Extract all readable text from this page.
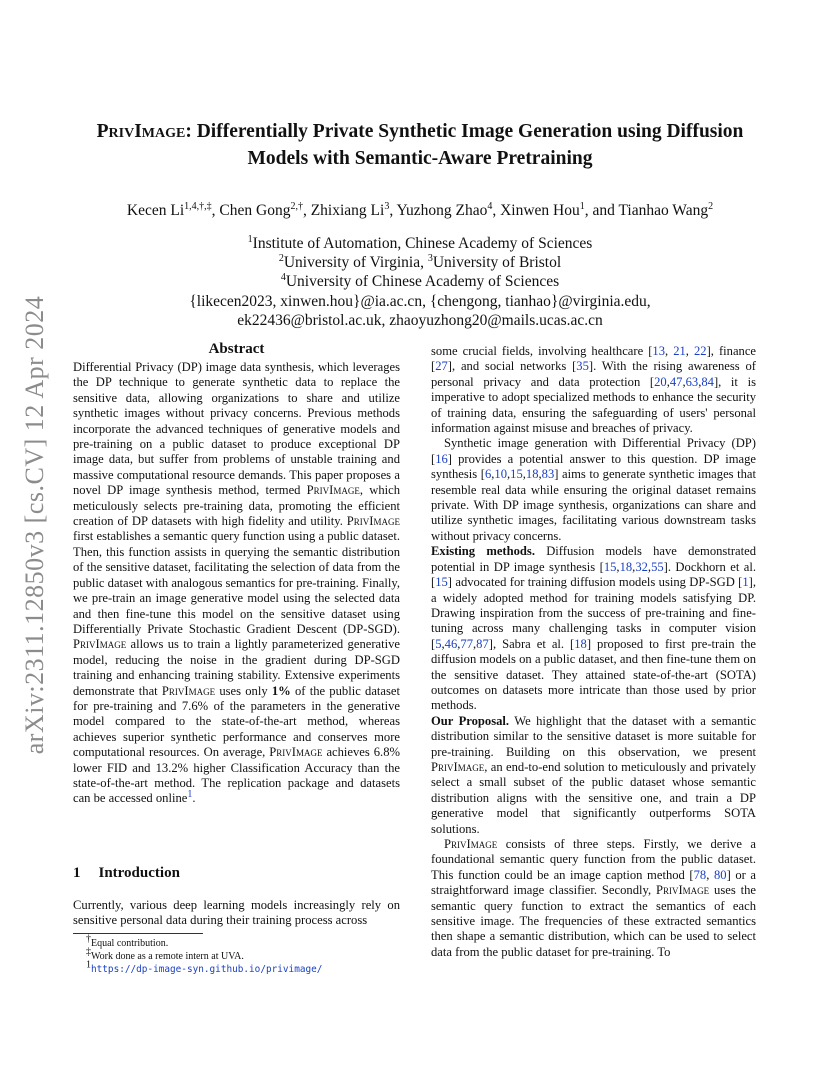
arXiv:2311.12850v3 [cs.CV] 12 Apr 2024
PrivImage: Differentially Private Synthetic Image Generation using Diffusion
Models with Semantic-Aware Pretraining
Kecen $Li^{1,4,\dagger,\ddagger}$, Chen Gong$^{2,\dagger}$, Zhixiang Li$^3$, Yuzhong Zhao$^4$, Xinwen Hou$^1$, and Tianhao Wang$^2$
$^1$Institute of Automation, Chinese Academy of Sciences
$^2$University of Virginia, $^3$University of Bristol
$^4$University of Chinese Academy of Sciences
{likecen2023, xinwen.hou}@ia.ac.cn, {chengong, tianhao}@virginia.edu,
ek22436@bristol.ac.uk, zhaoyuzhong20@mails.ucas.ac.cn
Abstract

Differential Privacy (DP) image data synthesis, which leverages the DP technique to generate synthetic data to replace the sensitive data, allowing organizations to share and utilize synthetic images without privacy concerns. Previous methods incorporate the advanced techniques of generative models and pre-training on a public dataset to produce exceptional DP image data, but suffer from problems of unstable training and massive computational resource demands. This paper proposes a novel DP image synthesis method, termed PrivImage, which meticulously selects pre-training data, promoting the efficient creation of DP datasets with high fidelity and utility. PrivImage first establishes a semantic query function using a public dataset. Then, this function assists in querying the semantic distribution of the sensitive dataset, facilitating the selection of data from the public dataset with analogous semantics for pre-training. Finally, we pre-train an image generative model using the selected data and then fine-tune this model on the sensitive dataset using Differentially Private Stochastic Gradient Descent (DP-SGD). PrivImage allows us to train a lightly parameterized generative model, reducing the noise in the gradient during DP-SGD training and enhancing training stability. Extensive experiments demonstrate that PrivImage uses only 1% of the public dataset for pre-training and 7.6% of the parameters in the generative model compared to the state-of-the-art method, whereas achieves superior synthetic performance and conserves more computational resources. On average, PrivImage achieves 6.8% lower FID and 13.2% higher Classification Accuracy than the state-of-the-art method. The replication package and datasets can be accessed online$^1$.

1 Introduction

Currently, various deep learning models increasingly rely on sensitive personal data during their training process across

†Equal contribution.
‡Work done as a remote intern at UVA.
$^1$https://dp-image-syn.github.io/privimage/

some crucial fields, involving healthcare [13, 21, 22], finance [27], and social networks [35]. With the rising awareness of personal privacy and data protection [20,47,63,84], it is imperative to adopt specialized methods to enhance the security of training data, ensuring the safeguarding of users' personal information against misuse and breaches of privacy.

Synthetic image generation with Differential Privacy (DP) [16] provides a potential answer to this question. DP image synthesis [6,10,15,18,83] aims to generate synthetic images that resemble real data while ensuring the original dataset remains private. With DP image synthesis, organizations can share and utilize synthetic images, facilitating various downstream tasks without privacy concerns.

Existing methods. Diffusion models have demonstrated potential in DP image synthesis [15,18,32,55]. Dockhorn et al. [15] advocated for training diffusion models using DP-SGD [1], a widely adopted method for training models satisfying DP. Drawing inspiration from the success of pre-training and fine-tuning across many challenging tasks in computer vision [5,46,77,87], Sabra et al. [18] proposed to first pre-train the diffusion models on a public dataset, and then fine-tune them on the sensitive dataset. They attained state-of-the-art (SOTA) outcomes on datasets more intricate than those used by prior methods.

Our Proposal. We highlight that the dataset with a semantic distribution similar to the sensitive dataset is more suitable for pre-training. Building on this observation, we present PrivImage, an end-to-end solution to meticulously and privately select a small subset of the public dataset whose semantic distribution aligns with the sensitive one, and train a DP generative model that significantly outperforms SOTA solutions.

PrivImage consists of three steps. Firstly, we derive a foundational semantic query function from the public dataset. This function could be an image caption method [78, 80] or a straightforward image classifier. Secondly, PrivImage uses the semantic query function to extract the semantics of each sensitive image. The frequencies of these extracted semantics then shape a semantic distribution, which can be used to select data from the public dataset for pre-training. To
